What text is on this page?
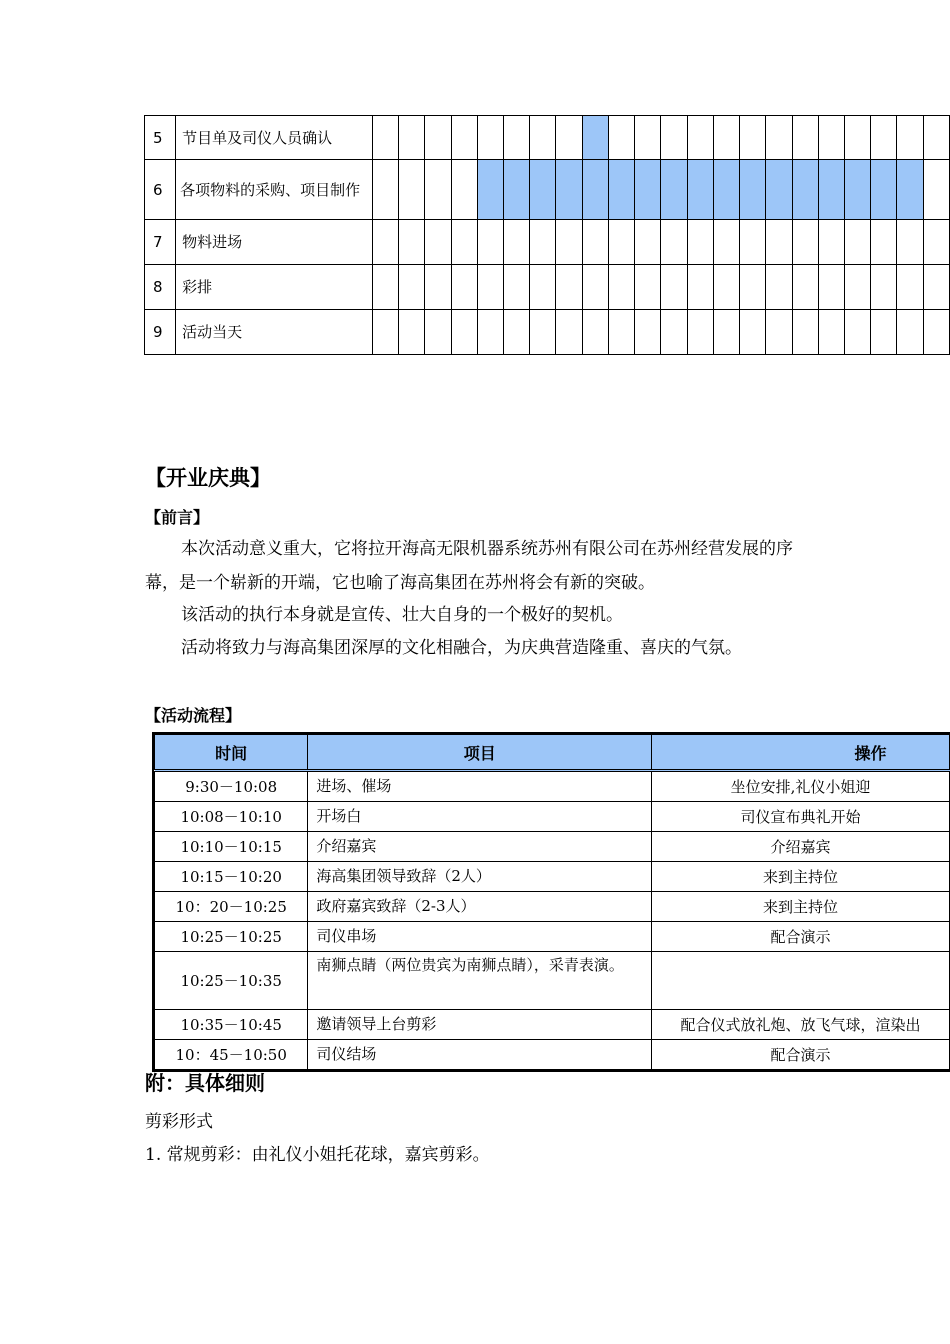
5	节目单及司仪人员确认																						
6	各项物料的采购、项目制作																						
7	物料进场																						
8	彩排																						
9	活动当天																						
【开业庆典】
【前言】
本次活动意义重大，它将拉开海高无限机器系统苏州有限公司在苏州经营发展的序幕，是一个崭新的开端，它也喻了海高集团在苏州将会有新的突破。
该活动的执行本身就是宣传、壮大自身的一个极好的契机。
活动将致力与海高集团深厚的文化相融合，为庆典营造隆重、喜庆的气氛。
【活动流程】
时间	项目	操作
9:30－10:08	进场、催场	坐位安排,礼仪小姐迎
10:08－10:10	开场白	司仪宣布典礼开始
10:10－10:15	介绍嘉宾	介绍嘉宾
10:15－10:20	海高集团领导致辞（2人）	来到主持位
10：20－10:25	政府嘉宾致辞（2-3人）	来到主持位
10:25－10:25	司仪串场	配合演示
10:25－10:35	南狮点睛（两位贵宾为南狮点睛），采青表演。	
10:35－10:45	邀请领导上台剪彩	配合仪式放礼炮、放飞气球，渲染出
10：45－10:50	司仪结场	配合演示
附：具体细则
剪彩形式
1. 常规剪彩：由礼仪小姐托花球，嘉宾剪彩。
